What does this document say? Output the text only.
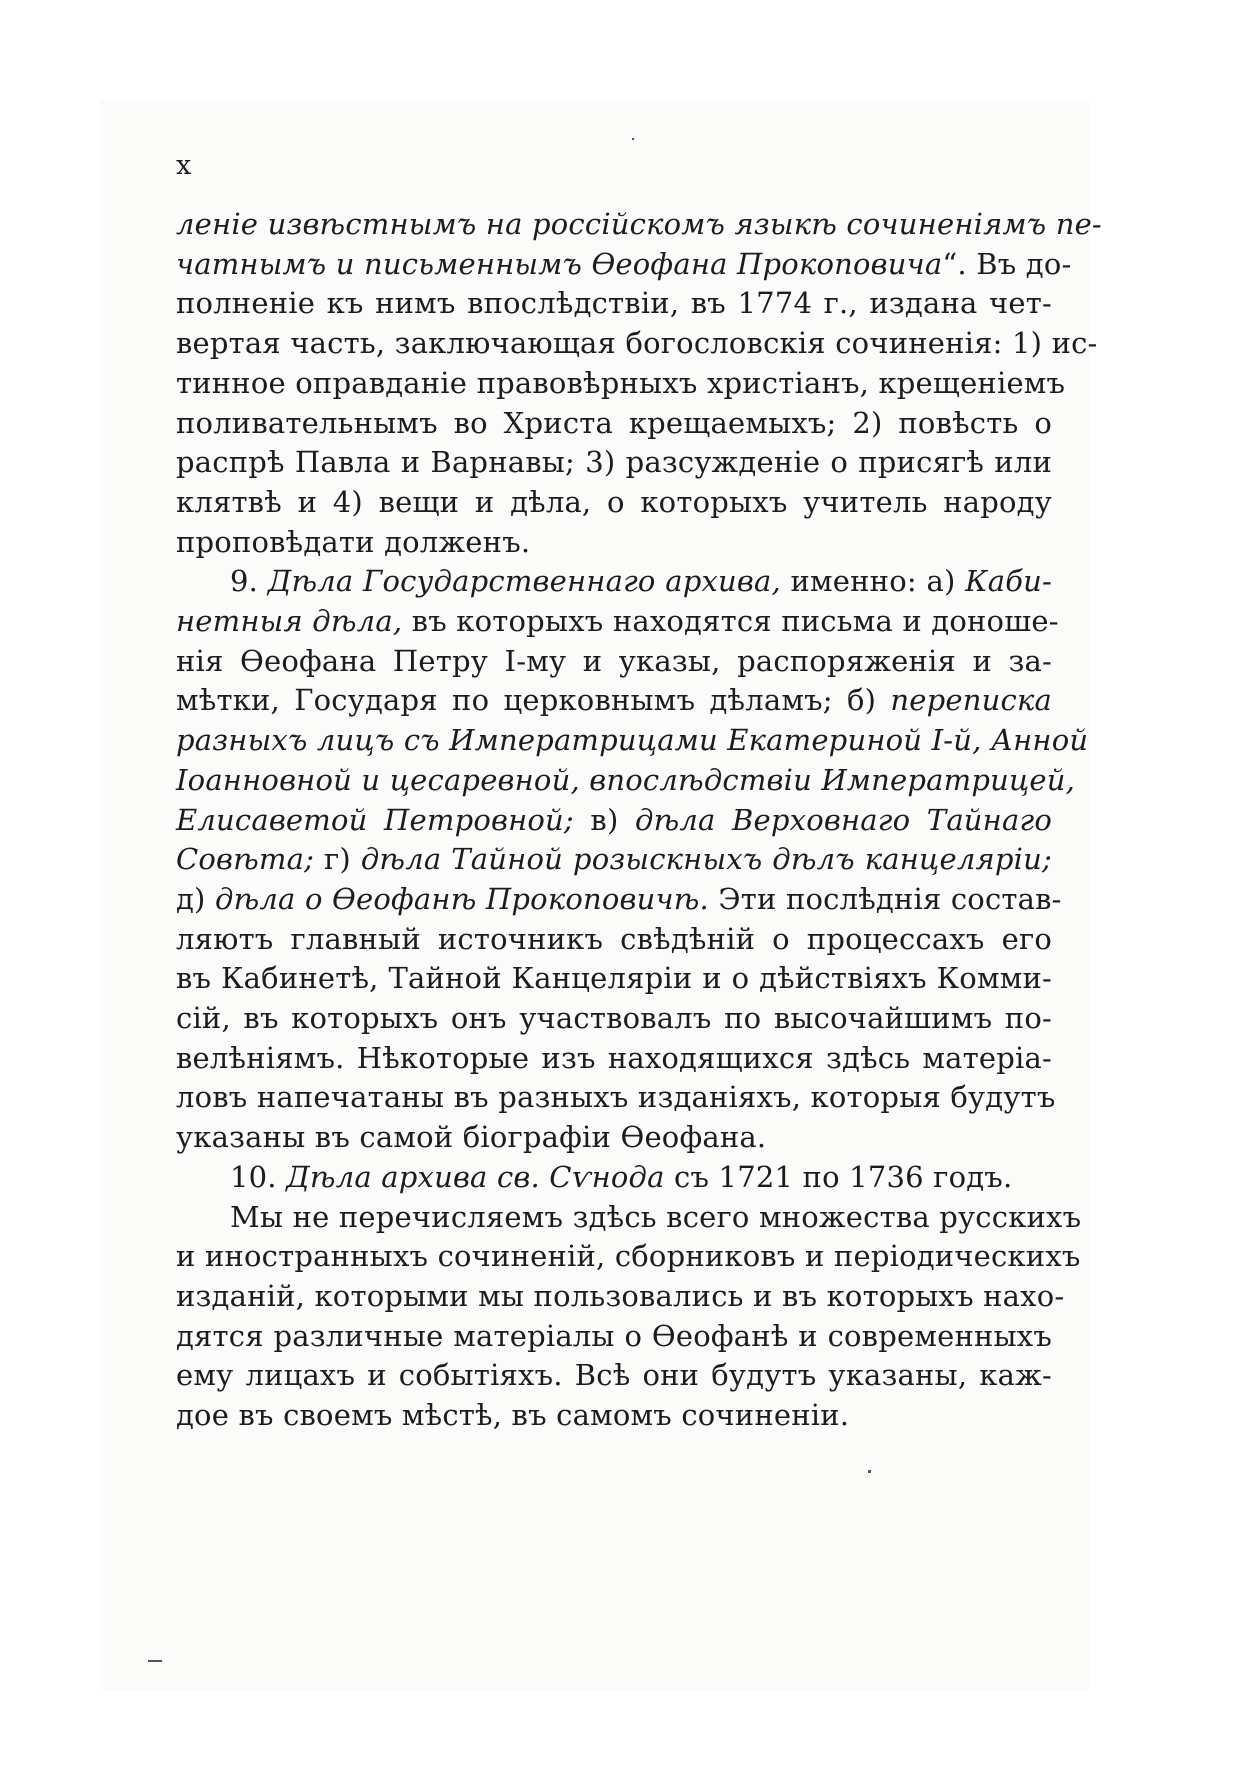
x

леніе извѣстнымъ на россійскомъ языкѣ сочиненіямъ пе-
чатнымъ и письменнымъ Ѳеофана Прокоповича“. Въ до-
полненіе къ нимъ впослѣдствіи, въ 1774 г., издана чет-
вертая часть, заключающая богословскія сочиненія: 1) ис-
тинное оправданіе правовѣрныхъ христіанъ, крещеніемъ
поливательнымъ во Христа крещаемыхъ; 2) повѣсть о
распрѣ Павла и Варнавы; 3) разсужденіе о присягѣ или
клятвѣ и 4) вещи и дѣла, о которыхъ учитель народу
проповѣдати долженъ.

9. Дѣла Государственнаго архива, именно: а) Каби-
нетныя дѣла, въ которыхъ находятся письма и доноше-
нія Ѳеофана Петру І-му и указы, распоряженія и за-
мѣтки, Государя по церковнымъ дѣламъ; б) переписка
разныхъ лицъ съ Императрицами Екатериной І-й, Анной
Іоанновной и цесаревной, впослѣдствіи Императрицей,
Елисаветой Петровной; в) дѣла Верховнаго Тайнаго
Совѣта; г) дѣла Тайной розыскныхъ дѣлъ канцеляріи;
д) дѣла о Ѳеофанѣ Прокоповичѣ. Эти послѣднія состав-
ляютъ главный источникъ свѣдѣній о процессахъ его
въ Кабинетѣ, Тайной Канцеляріи и о дѣйствіяхъ Комми-
сій, въ которыхъ онъ участвовалъ по высочайшимъ по-
велѣніямъ. Нѣкоторые изъ находящихся здѣсь матеріа-
ловъ напечатаны въ разныхъ изданіяхъ, которыя будутъ
указаны въ самой біографіи Ѳеофана.

10. Дѣла архива св. Сѵнода съ 1721 по 1736 годъ.

Мы не перечисляемъ здѣсь всего множества русскихъ
и иностранныхъ сочиненій, сборниковъ и періодическихъ
изданій, которыми мы пользовались и въ которыхъ нахо-
дятся различные матеріалы о Ѳеофанѣ и современныхъ
ему лицахъ и событіяхъ. Всѣ они будутъ указаны, каж-
дое въ своемъ мѣстѣ, въ самомъ сочиненіи.
